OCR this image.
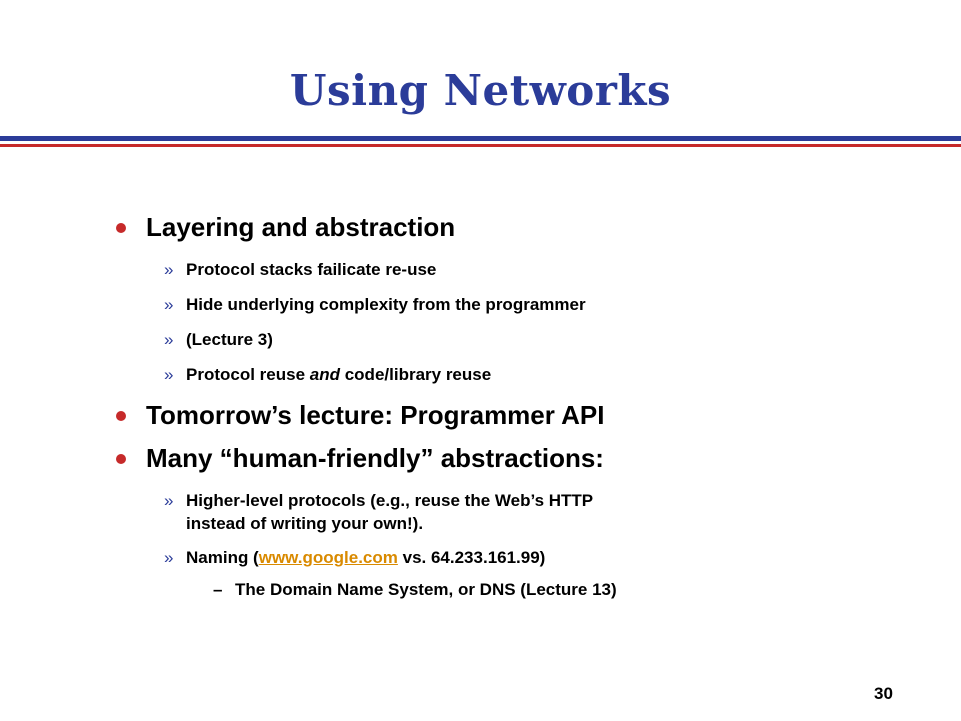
Using Networks
Layering and abstraction
» Protocol stacks failicate re-use
» Hide underlying complexity from the programmer
» (Lecture 3)
» Protocol reuse and code/library reuse
Tomorrow’s lecture: Programmer API
Many “human-friendly” abstractions:
» Higher-level protocols (e.g., reuse the Web’s HTTP
instead of writing your own!).
» Naming (www.google.com vs. 64.233.161.99)
– The Domain Name System, or DNS (Lecture 13)
30
